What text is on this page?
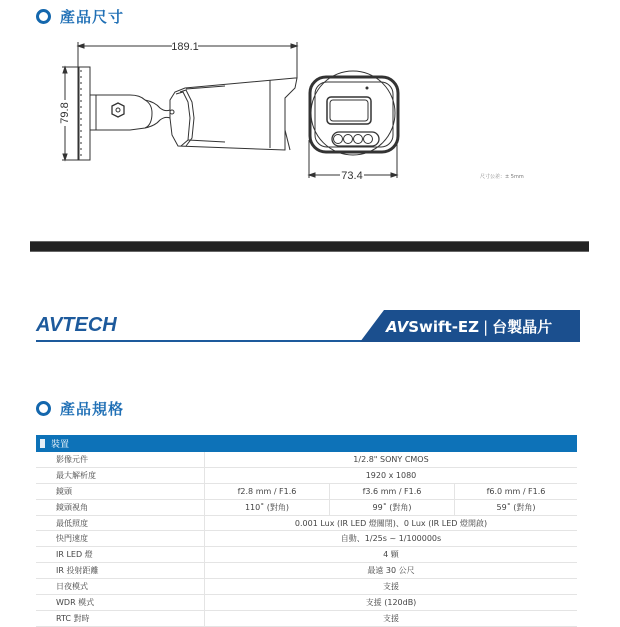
產品尺寸
189.1
79.8
73.4	尺寸公差：± 5mm
AVTECH	AVSwift-EZ | 台製晶片
產品規格
裝置			
影像元件	1/2.8" SONY CMOS		
最大解析度	1920 x 1080		
鏡頭	f2.8 mm / F1.6	f3.6 mm / F1.6	f6.0 mm / F1.6
鏡頭視角	110˚ (對角)	99˚ (對角)	59˚ (對角)
最低照度	0.001 Lux (IR LED 燈關閉)、0 Lux (IR LED 燈開啟)		
快門速度	自動、1/25s ~ 1/100000s		
IR LED 燈	4 顆		
IR 投射距離	最遠 30 公尺		
日夜模式	支援		
WDR 模式	支援 (120dB)		
RTC 對時	支援		
